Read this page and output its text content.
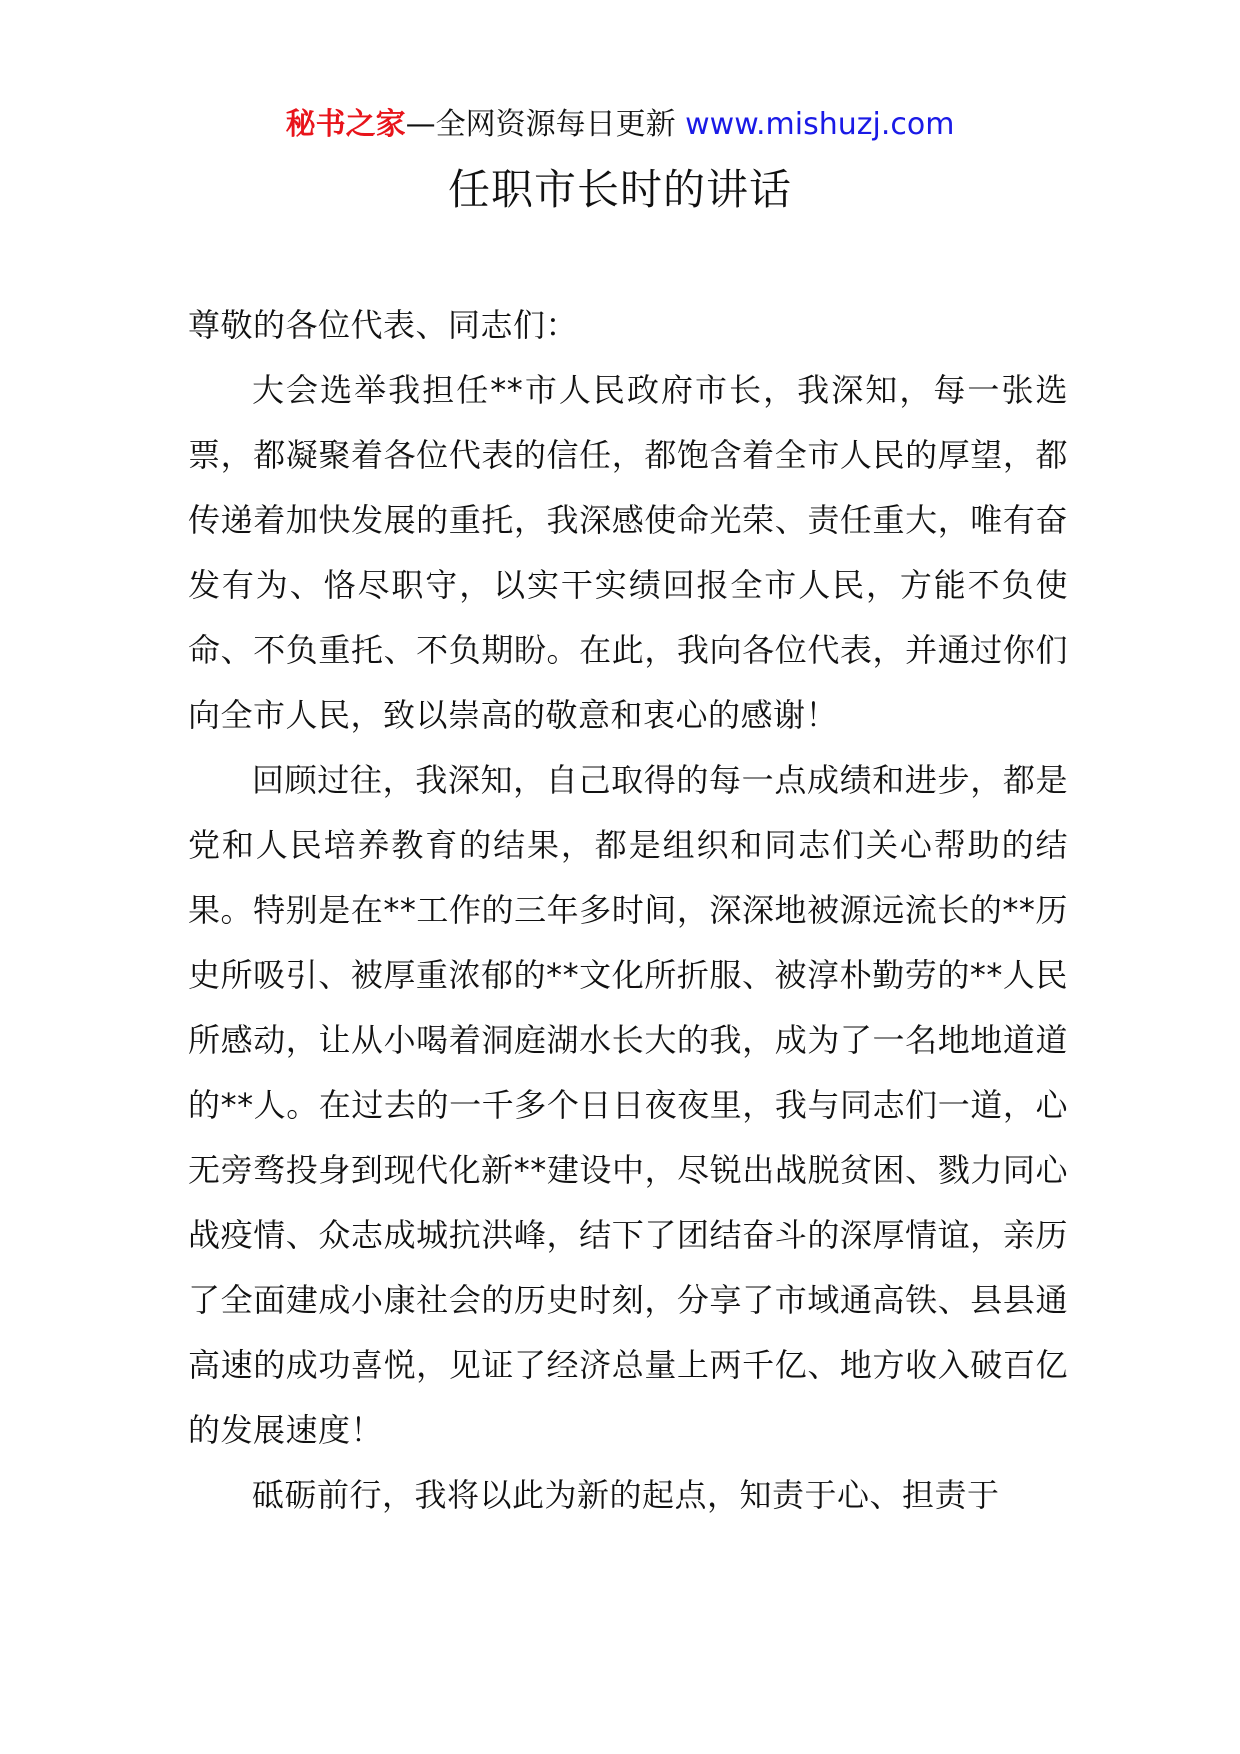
秘书之家—全网资源每日更新 www.mishuzj.com
任职市长时的讲话

尊敬的各位代表、同志们：

大会选举我担任**市人民政府市长，我深知，每一张选票，都凝聚着各位代表的信任，都饱含着全市人民的厚望，都传递着加快发展的重托，我深感使命光荣、责任重大，唯有奋发有为、恪尽职守，以实干实绩回报全市人民，方能不负使命、不负重托、不负期盼。在此，我向各位代表，并通过你们向全市人民，致以崇高的敬意和衷心的感谢！

回顾过往，我深知，自己取得的每一点成绩和进步，都是党和人民培养教育的结果，都是组织和同志们关心帮助的结果。特别是在**工作的三年多时间，深深地被源远流长的**历史所吸引、被厚重浓郁的**文化所折服、被淳朴勤劳的**人民所感动，让从小喝着洞庭湖水长大的我，成为了一名地地道道的**人。在过去的一千多个日日夜夜里，我与同志们一道，心无旁骛投身到现代化新**建设中，尽锐出战脱贫困、戮力同心战疫情、众志成城抗洪峰，结下了团结奋斗的深厚情谊，亲历了全面建成小康社会的历史时刻，分享了市域通高铁、县县通高速的成功喜悦，见证了经济总量上两千亿、地方收入破百亿的发展速度！

砥砺前行，我将以此为新的起点，知责于心、担责于
